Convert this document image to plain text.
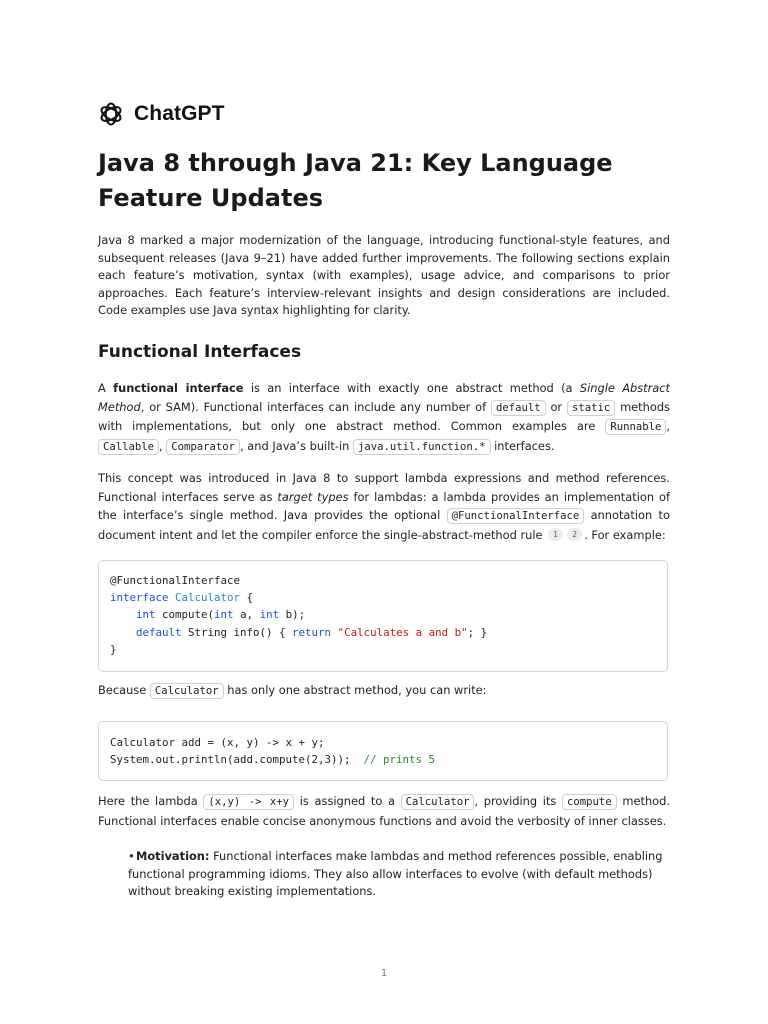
ChatGPT
Java 8 through Java 21: Key Language Feature Updates

Java 8 marked a major modernization of the language, introducing functional-style features, and subsequent releases (Java 9–21) have added further improvements. The following sections explain each feature’s motivation, syntax (with examples), usage advice, and comparisons to prior approaches. Each feature’s interview-relevant insights and design considerations are included. Code examples use Java syntax highlighting for clarity.

Functional Interfaces

A functional interface is an interface with exactly one abstract method (a Single Abstract Method, or SAM). Functional interfaces can include any number of default or static methods with implementations, but only one abstract method. Common examples are Runnable , Callable , Comparator , and Java’s built-in java.util.function.* interfaces.

This concept was introduced in Java 8 to support lambda expressions and method references. Functional interfaces serve as target types for lambdas: a lambda provides an implementation of the interface’s single method. Java provides the optional @FunctionalInterface annotation to document intent and let the compiler enforce the single-abstract-method rule 1 2 . For example:

@FunctionalInterface
interface Calculator {
int compute(int a, int b);
default String info() { return "Calculates a and b"; }
}

Because Calculator has only one abstract method, you can write:

Calculator add = (x, y) -> x + y;
System.out.println(add.compute(2,3));  // prints 5

Here the lambda (x,y) -> x+y is assigned to a Calculator , providing its compute method. Functional interfaces enable concise anonymous functions and avoid the verbosity of inner classes.

•Motivation: Functional interfaces make lambdas and method references possible, enabling functional programming idioms. They also allow interfaces to evolve (with default methods) without breaking existing implementations.
1
